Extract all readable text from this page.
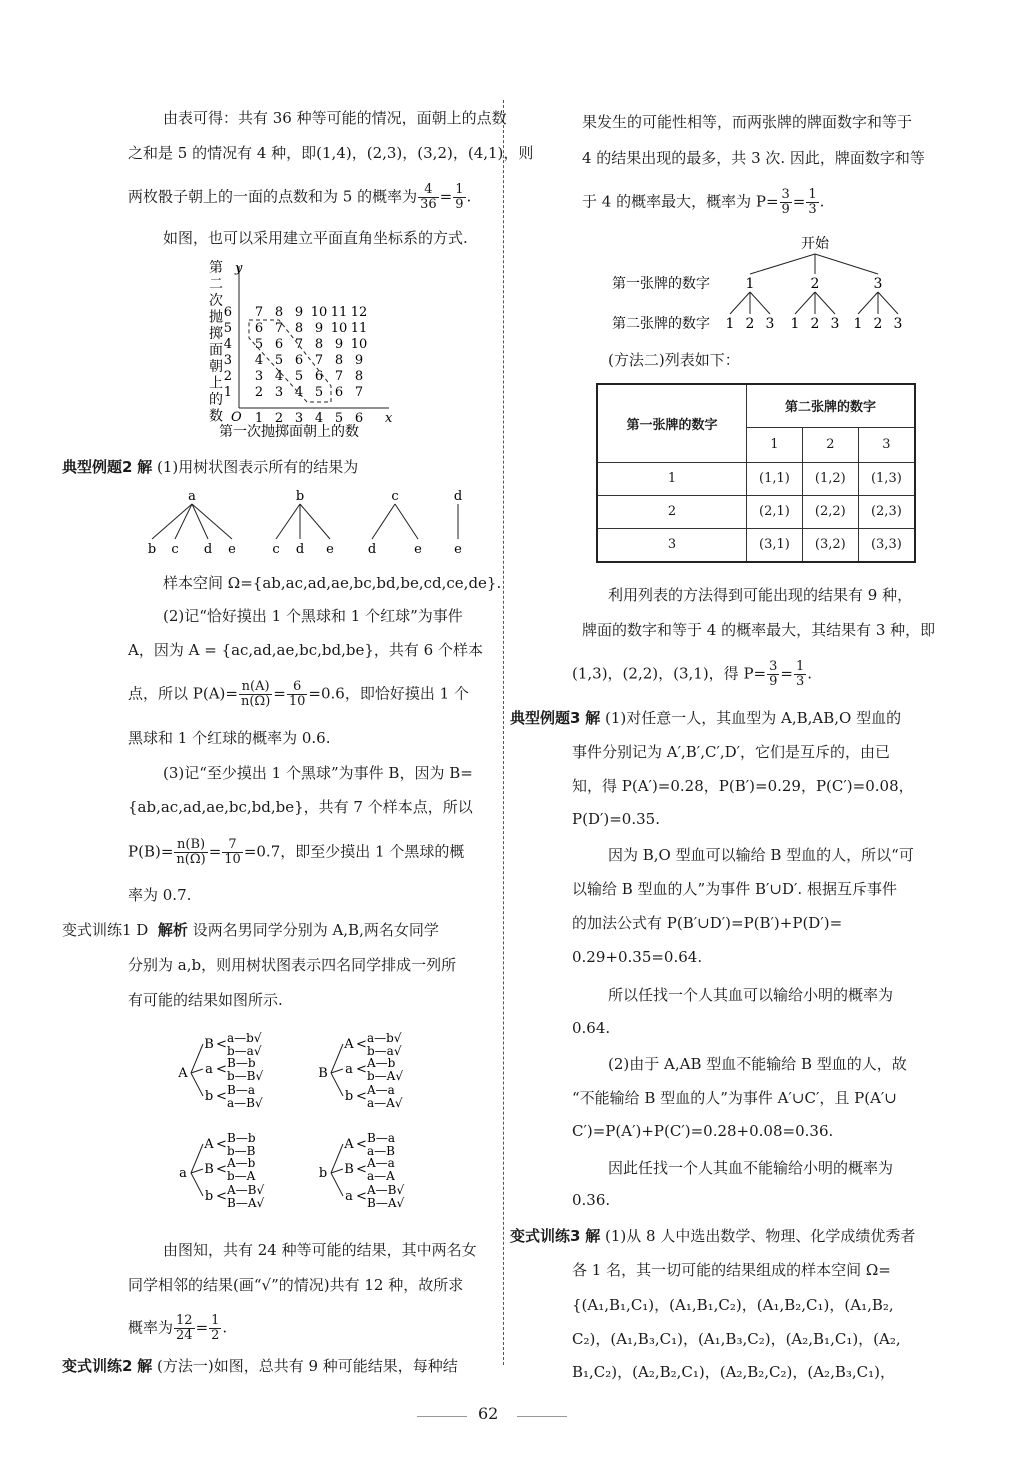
由表可得：共有 36 种等可能的情况，面朝上的点数
之和是 5 的情况有 4 种，即(1,4)，(2,3)，(3,2)，(4,1)，则
两枚骰子朝上的一面的点数和为 5 的概率为 $\frac{4}{36} = \frac{1}{9}$ .
如图，也可以采用建立平面直角坐标系的方式.
第
二
次
抛
掷
面
朝
上
的
数
y
x
O 1
1
2
2
3
3
4
4
5
5
6
6
2 3 4 5 6 7
3 4 5 6 7 8
4 5 6 7 8 9
5 6 7 8 9 10
6 7 8 9 10 11
7 8 9 10 11 12
第一次抛掷面朝上的数
典型例题2 解 (1)用树状图表示所有的结果为
a
b c d e
b
c d e
c
d	e
d
e
样本空间 Ω={ab,ac,ad,ae,bc,bd,be,cd,ce,de}.
(2)记“恰好摸出 1 个黑球和 1 个红球”为事件
A，因为 A = {ac,ad,ae,bc,bd,be}，共有 6 个样本
点，所以 $P(A)= \frac{n(A)}{n(\Omega)} = \frac{6}{10} =0.6$，即恰好摸出 1 个
黑球和 1 个红球的概率为 0.6.
(3)记“至少摸出 1 个黑球”为事件 B，因为 B=
{ab,ac,ad,ae,bc,bd,be}，共有 7 个样本点，所以
$P(B)= \frac{n(B)}{n(\Omega)} = \frac{7}{10} =0.7$，即至少摸出 1 个黑球的概
率为 0.7.
变式训练1 D 解析 设两名男同学分别为 A,B,两名女同学
分别为 a,b，则用树状图表示四名同学排成一列所
有可能的结果如图所示.
A
B < a—b√
b—a√
a < B—b
b—B√
b < B—a
a—B√
B
A < a—b√
b—a√
a < A—b
b—A√
b < A—a
a—A√
a
A < B—b
b—B
B < A—b
b—A
b < A—B√
B—A√
b
A < B—a
a—B
B < A—a
a—A
a < A—B√
B—A√
由图知，共有 24 种等可能的结果，其中两名女
同学相邻的结果(画“√”的情况)共有 12 种，故所求
概率为 $\frac{12}{24} = \frac{1}{2}$ .
变式训练2 解 (方法一)如图，总共有 9 种可能结果，每种结
果发生的可能性相等，而两张牌的牌面数字和等于
4 的结果出现的最多，共 3 次. 因此，牌面数字和等
于 4 的概率最大，概率为 $P= \frac{3}{9} = \frac{1}{3}$ .
开始
第一张牌的数字
第二张牌的数字
1
1 2 3
2
1 2 3
3
1 2 3
(方法二)列表如下：
第一张牌的数字	第二张牌的数字		
	1	2	3
1	(1,1)	(1,2)	(1,3)
2	(2,1)	(2,2)	(2,3)
3	(3,1)	(3,2)	(3,3)
利用列表的方法得到可能出现的结果有 9 种，
牌面的数字和等于 4 的概率最大，其结果有 3 种，即
(1,3)，(2,2)，(3,1)，得 $P= \frac{3}{9} = \frac{1}{3}$ .
典型例题3 解 (1)对任意一人，其血型为 A,B,AB,O 型血的
事件分别记为 A′,B′,C′,D′，它们是互斥的，由已
知，得 P(A′)=0.28，P(B′)=0.29，P(C′)=0.08，
P(D′)=0.35.
因为 B,O 型血可以输给 B 型血的人，所以“可
以输给 B 型血的人”为事件 B′∪D′. 根据互斥事件
的加法公式有 P(B′∪D′)=P(B′)+P(D′)=
0.29+0.35=0.64.
所以任找一个人其血可以输给小明的概率为
0.64.
(2)由于 A,AB 型血不能输给 B 型血的人，故
“不能输给 B 型血的人”为事件 A′∪C′，且 P(A′∪
C′)=P(A′)+P(C′)=0.28+0.08=0.36.
因此任找一个人其血不能输给小明的概率为
0.36.
变式训练3 解 (1)从 8 人中选出数学、物理、化学成绩优秀者
各 1 名，其一切可能的结果组成的样本空间 Ω=
{(A₁,B₁,C₁)，(A₁,B₁,C₂)，(A₁,B₂,C₁)，(A₁,B₂,
C₂)，(A₁,B₃,C₁)，(A₁,B₃,C₂)，(A₂,B₁,C₁)，(A₂,
B₁,C₂)，(A₂,B₂,C₁)，(A₂,B₂,C₂)，(A₂,B₃,C₁)，
62
